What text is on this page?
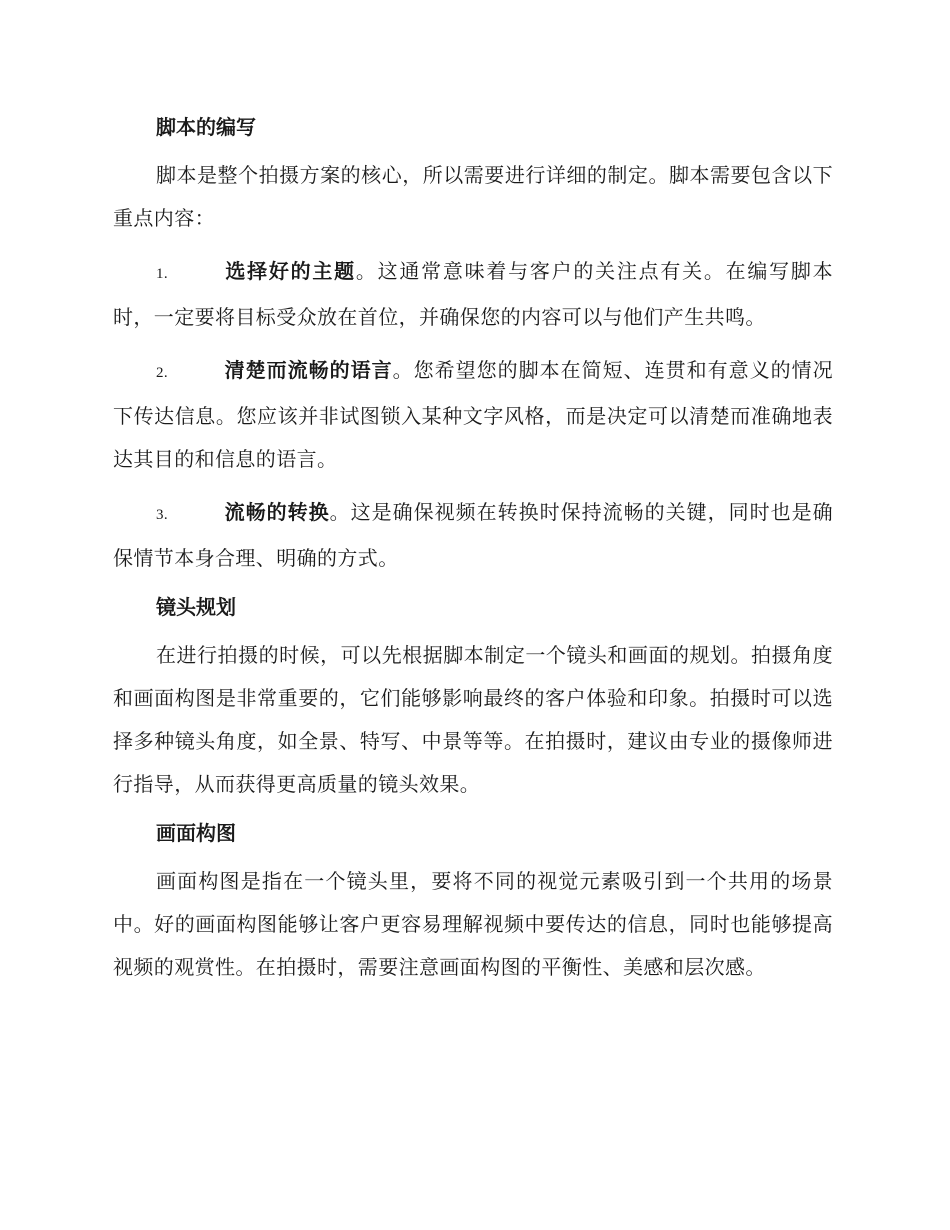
脚本的编写

脚本是整个拍摄方案的核心，所以需要进行详细的制定。脚本需要包含以下重点内容：

1.	选择好的主题。这通常意味着与客户的关注点有关。在编写脚本时，一定要将目标受众放在首位，并确保您的内容可以与他们产生共鸣。

2.	清楚而流畅的语言。您希望您的脚本在简短、连贯和有意义的情况下传达信息。您应该并非试图锁入某种文字风格，而是决定可以清楚而准确地表达其目的和信息的语言。

3.	流畅的转换。这是确保视频在转换时保持流畅的关键，同时也是确保情节本身合理、明确的方式。

镜头规划

在进行拍摄的时候，可以先根据脚本制定一个镜头和画面的规划。拍摄角度和画面构图是非常重要的，它们能够影响最终的客户体验和印象。拍摄时可以选择多种镜头角度，如全景、特写、中景等等。在拍摄时，建议由专业的摄像师进行指导，从而获得更高质量的镜头效果。

画面构图

画面构图是指在一个镜头里，要将不同的视觉元素吸引到一个共用的场景中。好的画面构图能够让客户更容易理解视频中要传达的信息，同时也能够提高视频的观赏性。在拍摄时，需要注意画面构图的平衡性、美感和层次感。
